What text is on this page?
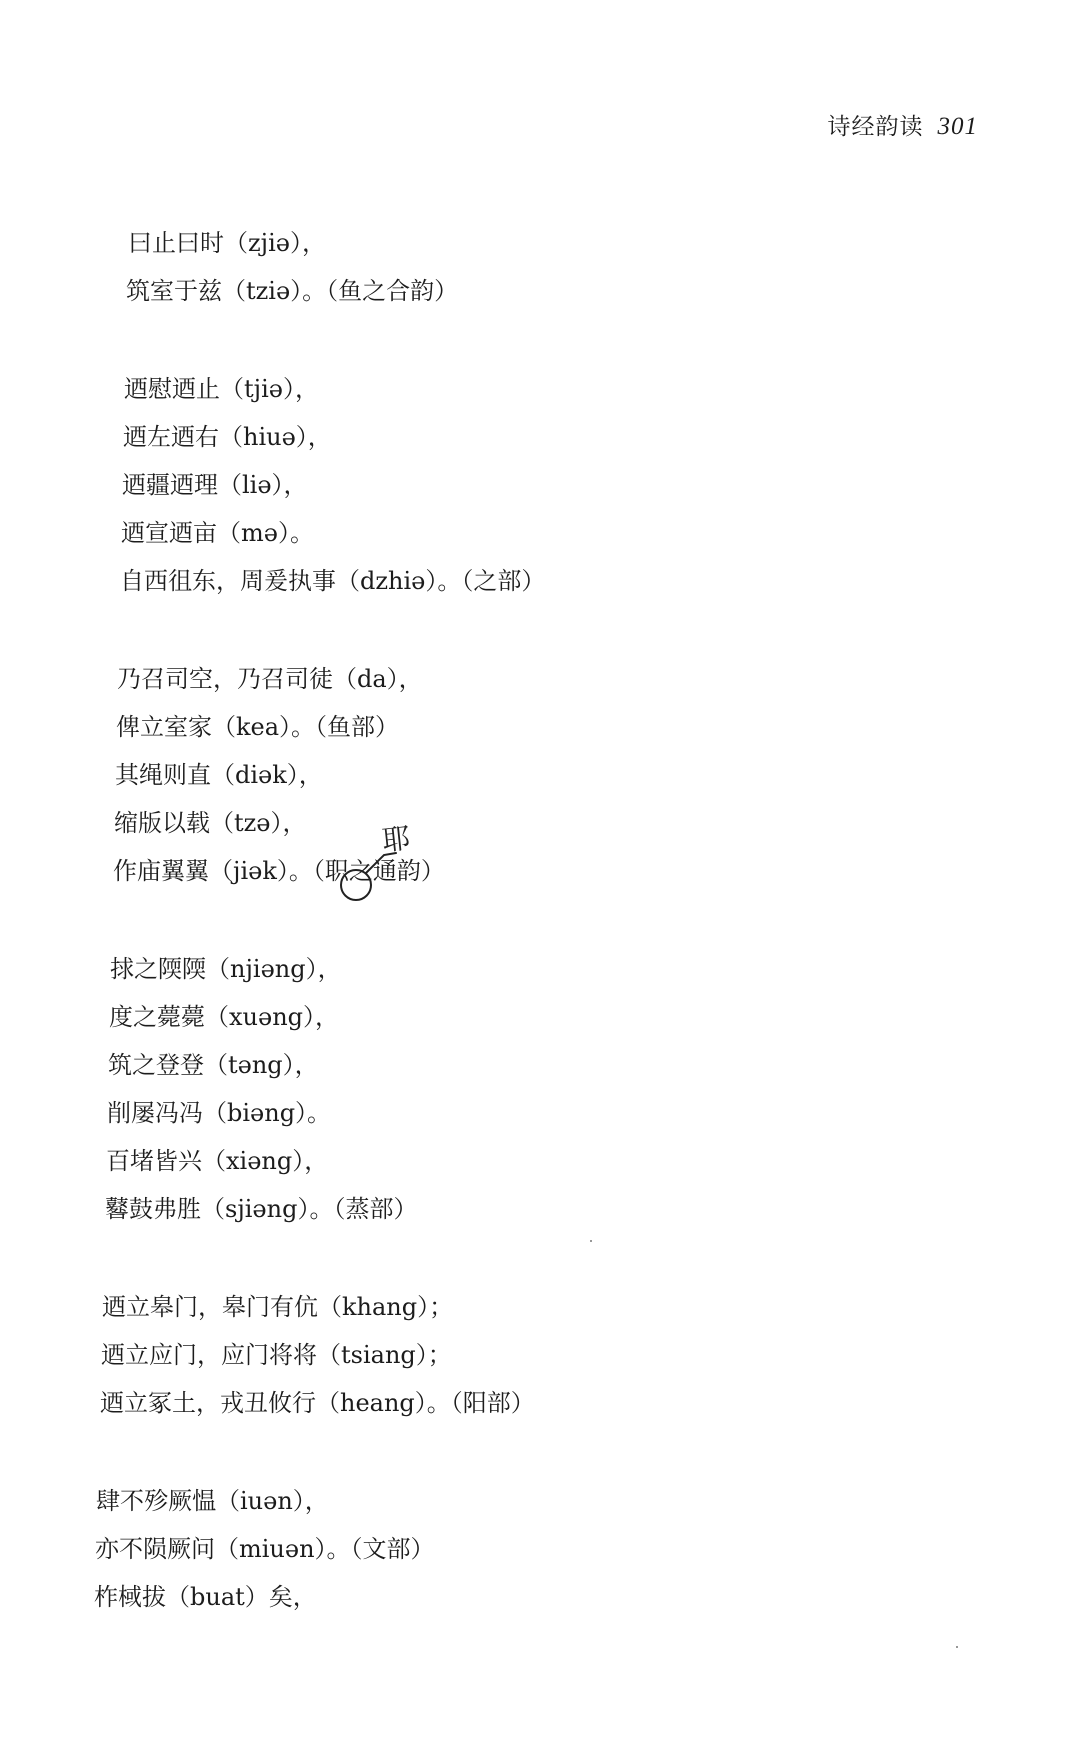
诗经韵读 301
曰止曰时（zjiə），
筑室于兹（tziə）。（鱼之合韵）
迺慰迺止（tjiə），
迺左迺右（hiuə），
迺疆迺理（liə），
迺宣迺亩（mə）。
自西徂东，周爰执事（dzhiə）。（之部）
乃召司空，乃召司徒（da），
俾立室家（kea）。（鱼部）
其绳则直（diək），
缩版以载（tzə），
作庙翼翼（jiək）。（职之通韵）
捄之陾陾（njiəng），
度之薨薨（xuəng），
筑之登登（təng），
削屡冯冯（biəng）。
百堵皆兴（xiəng），
鼛鼓弗胜（sjiəng）。（蒸部）
迺立皋门，皋门有伉（khang）；
迺立应门，应门将将（tsiang）；
迺立冢土，戎丑攸行（heang）。（阳部）
肆不殄厥愠（iuən），
亦不陨厥问（miuən）。（文部）
柞棫拔（buat）矣，
耶
